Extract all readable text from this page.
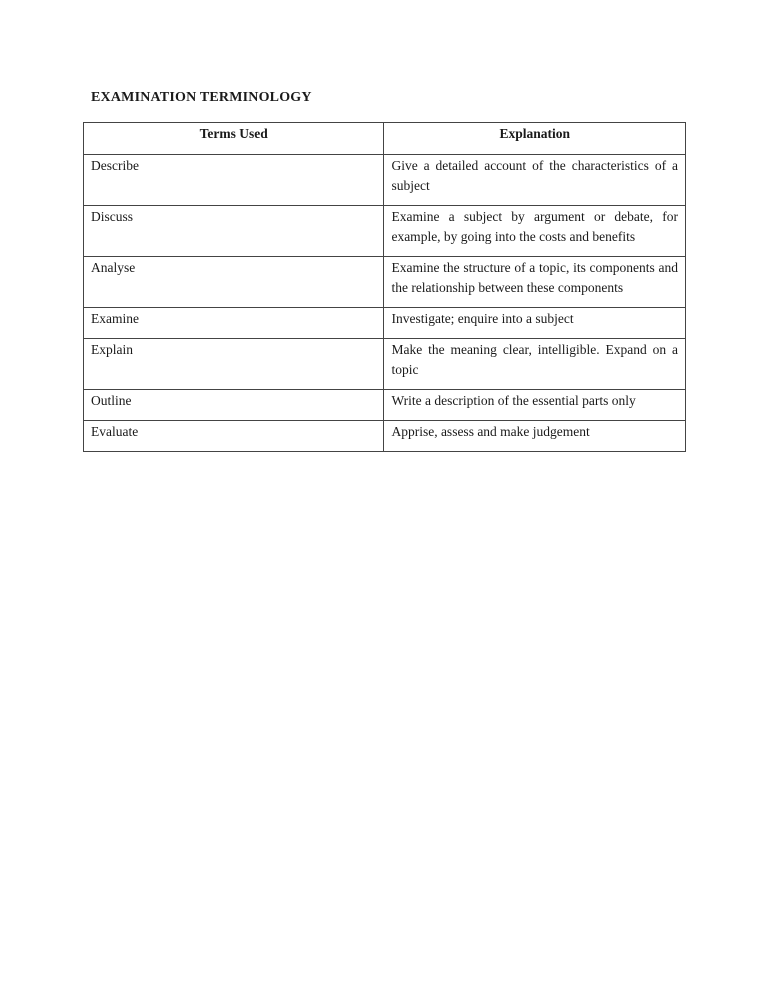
EXAMINATION TERMINOLOGY
Terms Used	Explanation
Describe	Give a detailed account of the characteristics of a subject
Discuss	Examine a subject by argument or debate, for example, by going into the costs and benefits
Analyse	Examine the structure of a topic, its components and the relationship between these components
Examine	Investigate; enquire into a subject
Explain	Make the meaning clear, intelligible. Expand on a topic
Outline	Write a description of the essential parts only
Evaluate	Apprise, assess and make judgement
